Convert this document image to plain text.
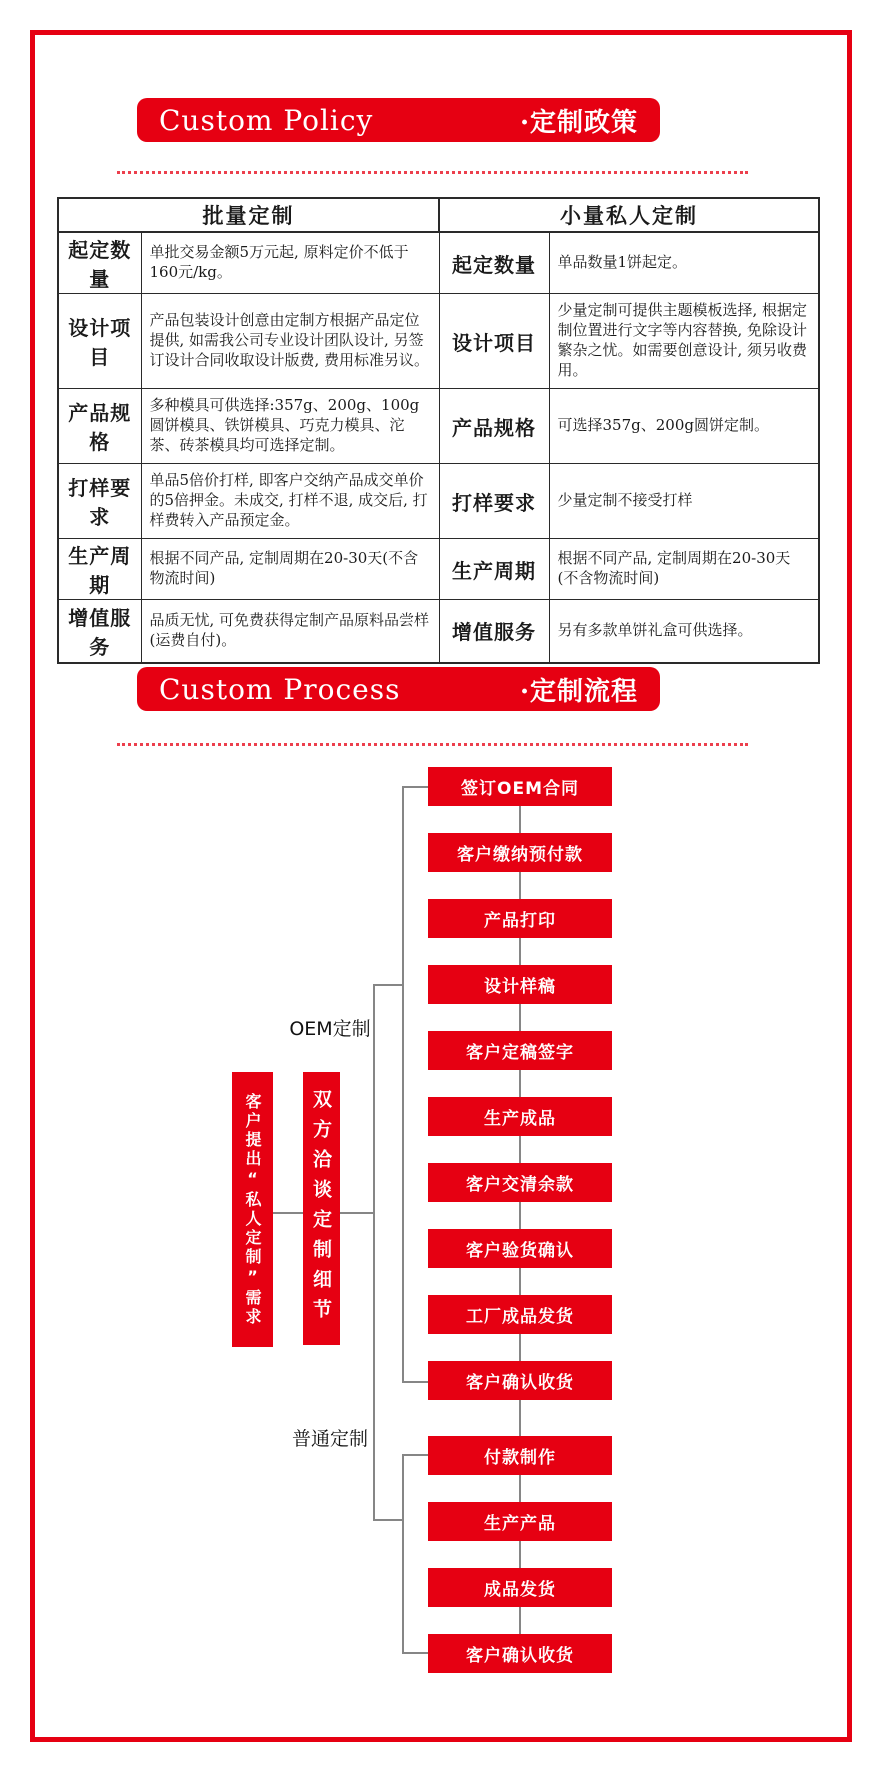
Custom Policy	·定制政策
批量定制		小量私人定制	
起定数量	单批交易金额5万元起, 原料定价不低于160元/kg。	起定数量	单品数量1饼起定。
设计项目	产品包装设计创意由定制方根据产品定位提供, 如需我公司专业设计团队设计, 另签订设计合同收取设计版费, 费用标准另议。	设计项目	少量定制可提供主题模板选择, 根据定制位置进行文字等内容替换, 免除设计繁杂之忧。如需要创意设计, 须另收费用。
产品规格	多种模具可供选择:357g、200g、100g圆饼模具、铁饼模具、巧克力模具、沱茶、砖茶模具均可选择定制。	产品规格	可选择357g、200g圆饼定制。
打样要求	单品5倍价打样, 即客户交纳产品成交单价的5倍押金。未成交, 打样不退, 成交后, 打样费转入产品预定金。	打样要求	少量定制不接受打样
生产周期	根据不同产品, 定制周期在20-30天(不含物流时间)	生产周期	根据不同产品, 定制周期在20-30天(不含物流时间)
增值服务	品质无忧, 可免费获得定制产品原料品尝样(运费自付)。	增值服务	另有多款单饼礼盒可供选择。
Custom Process	·定制流程
客户提出“私人定制”需求	双方洽谈定制细节
OEM定制
普通定制
签订OEM合同
客户缴纳预付款
产品打印
设计样稿
客户定稿签字
生产成品
客户交清余款
客户验货确认
工厂成品发货
客户确认收货
付款制作
生产产品
成品发货
客户确认收货
